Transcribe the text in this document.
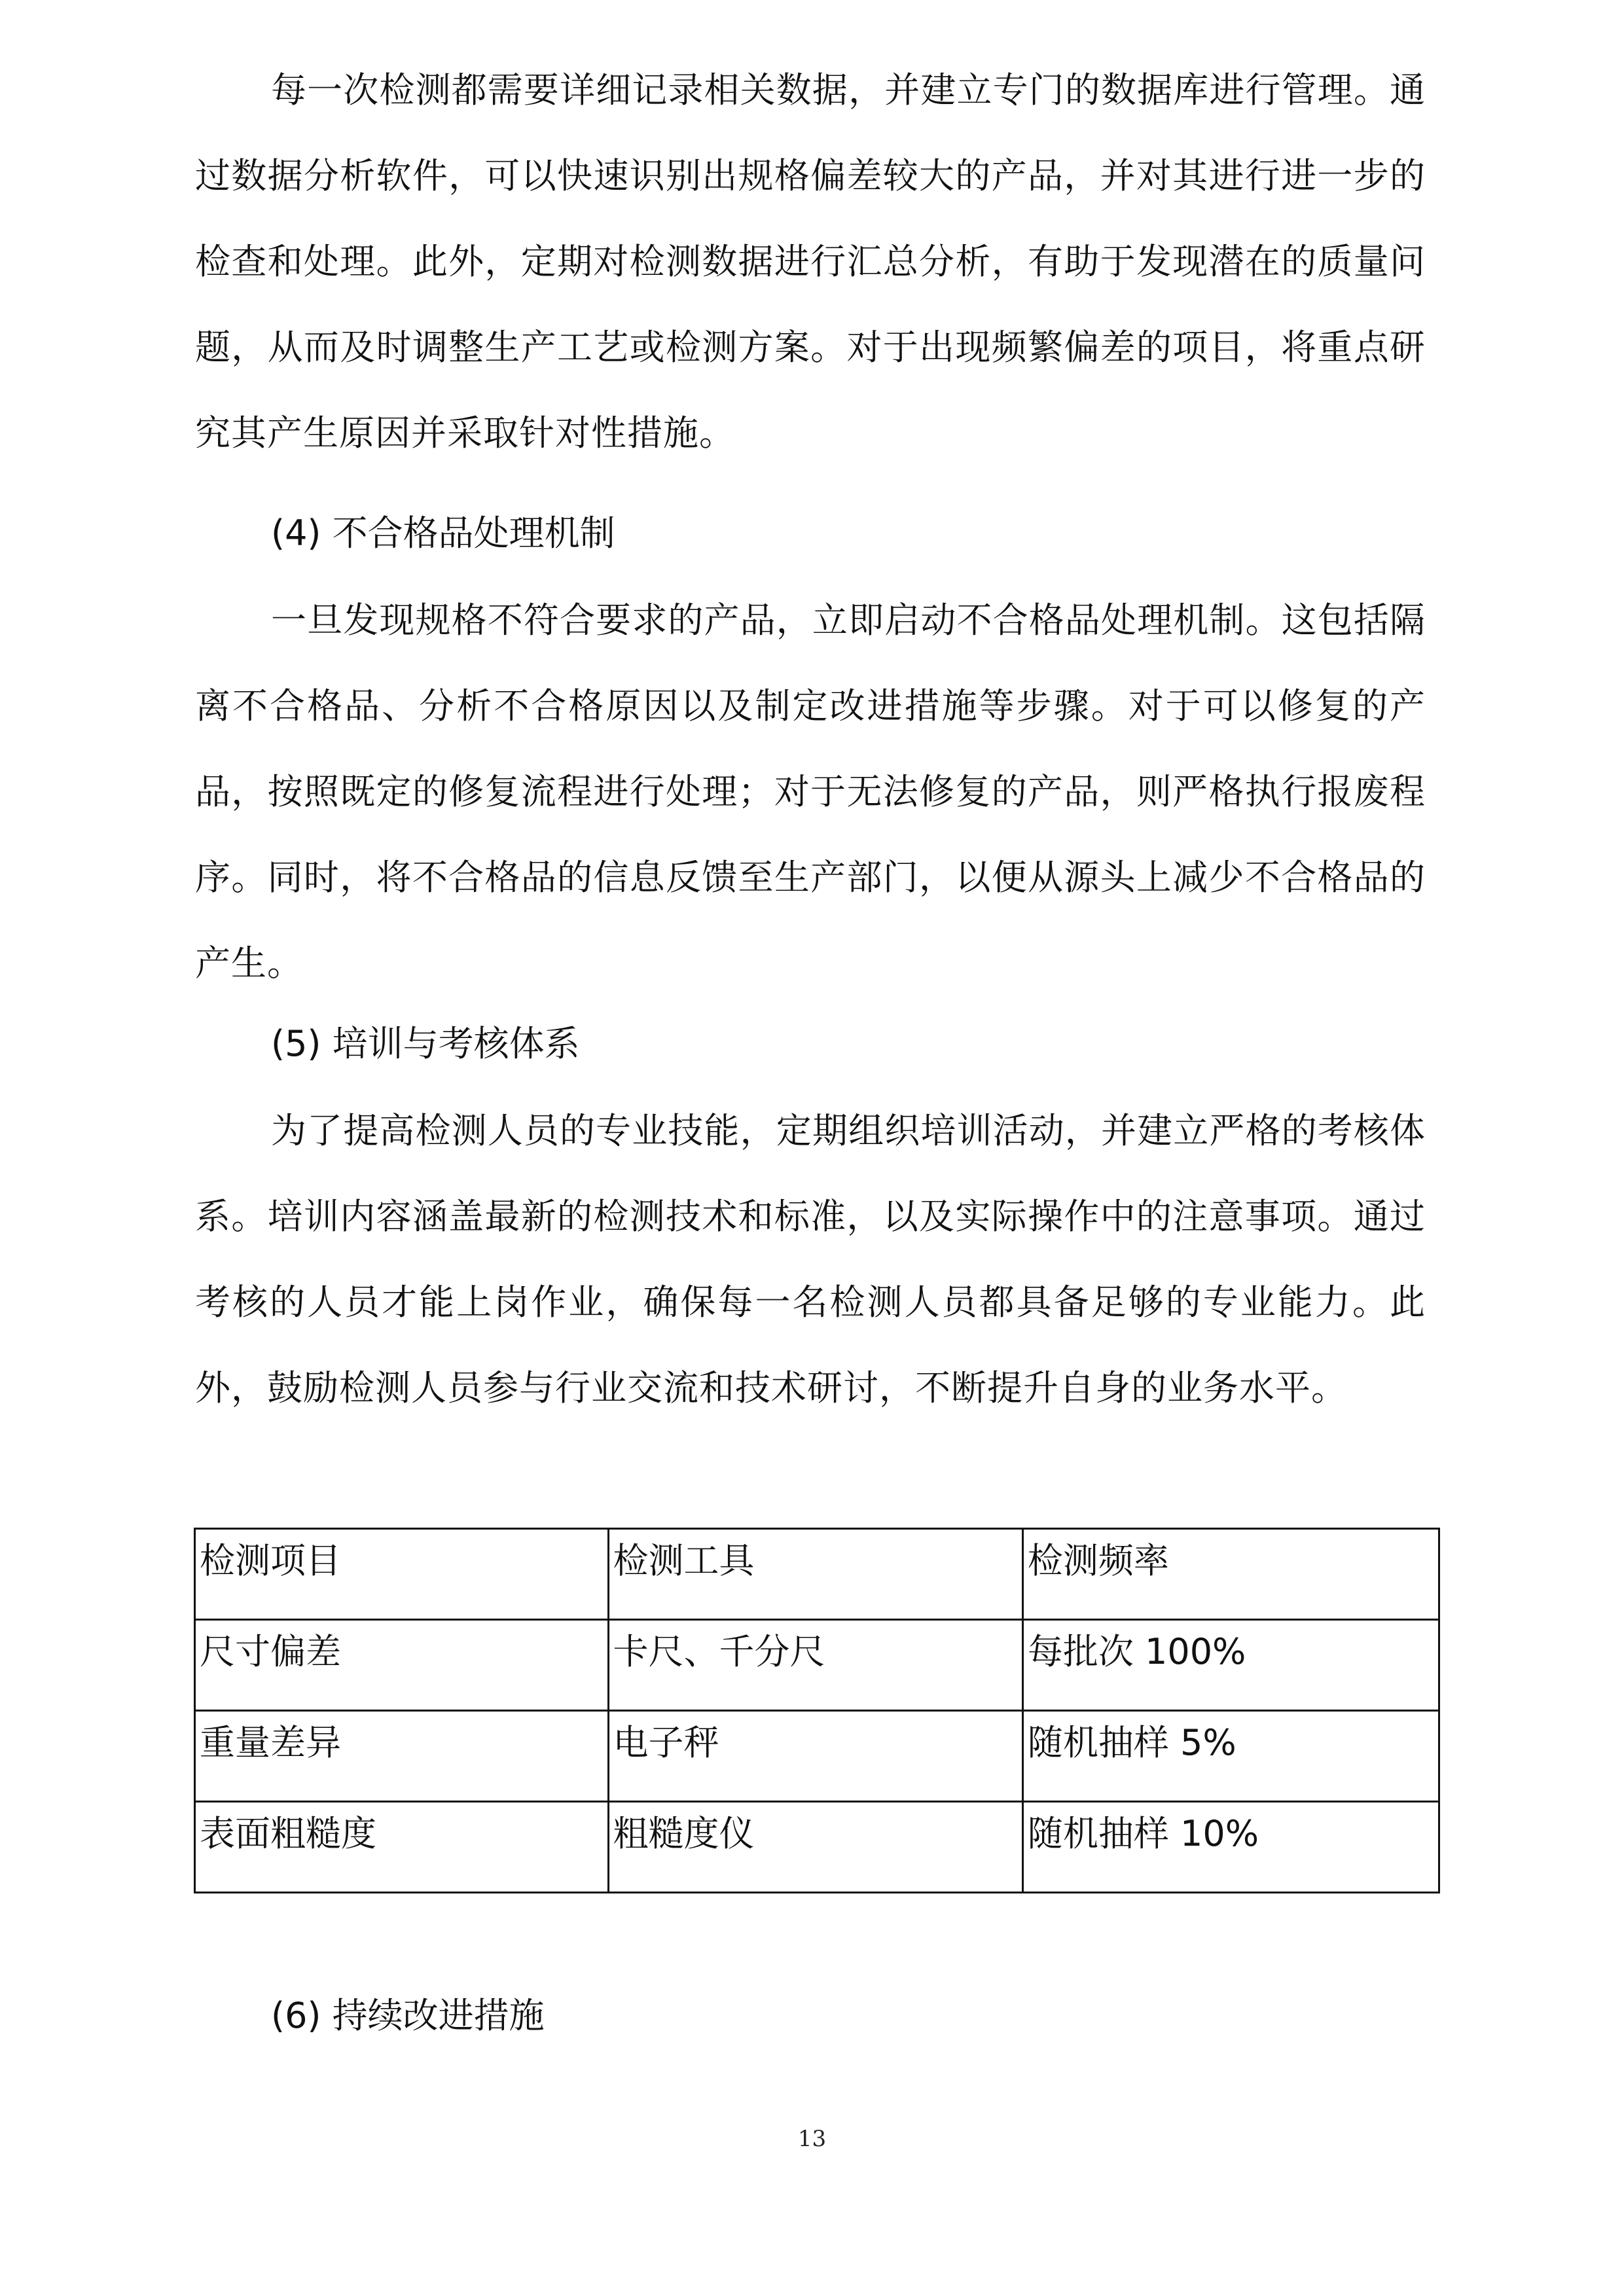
每一次检测都需要详细记录相关数据，并建立专门的数据库进行管理。通过数据分析软件，可以快速识别出规格偏差较大的产品，并对其进行进一步的检查和处理。此外，定期对检测数据进行汇总分析，有助于发现潜在的质量问题，从而及时调整生产工艺或检测方案。对于出现频繁偏差的项目，将重点研究其产生原因并采取针对性措施。

(4) 不合格品处理机制

一旦发现规格不符合要求的产品，立即启动不合格品处理机制。这包括隔离不合格品、分析不合格原因以及制定改进措施等步骤。对于可以修复的产品，按照既定的修复流程进行处理；对于无法修复的产品，则严格执行报废程序。同时，将不合格品的信息反馈至生产部门，以便从源头上减少不合格品的产生。

(5) 培训与考核体系

为了提高检测人员的专业技能，定期组织培训活动，并建立严格的考核体系。培训内容涵盖最新的检测技术和标准，以及实际操作中的注意事项。通过考核的人员才能上岗作业，确保每一名检测人员都具备足够的专业能力。此外，鼓励检测人员参与行业交流和技术研讨，不断提升自身的业务水平。

检测项目	检测工具	检测频率
尺寸偏差	卡尺、千分尺	每批次 100%
重量差异	电子秤	随机抽样 5%
表面粗糙度	粗糙度仪	随机抽样 10%
(6) 持续改进措施
13
